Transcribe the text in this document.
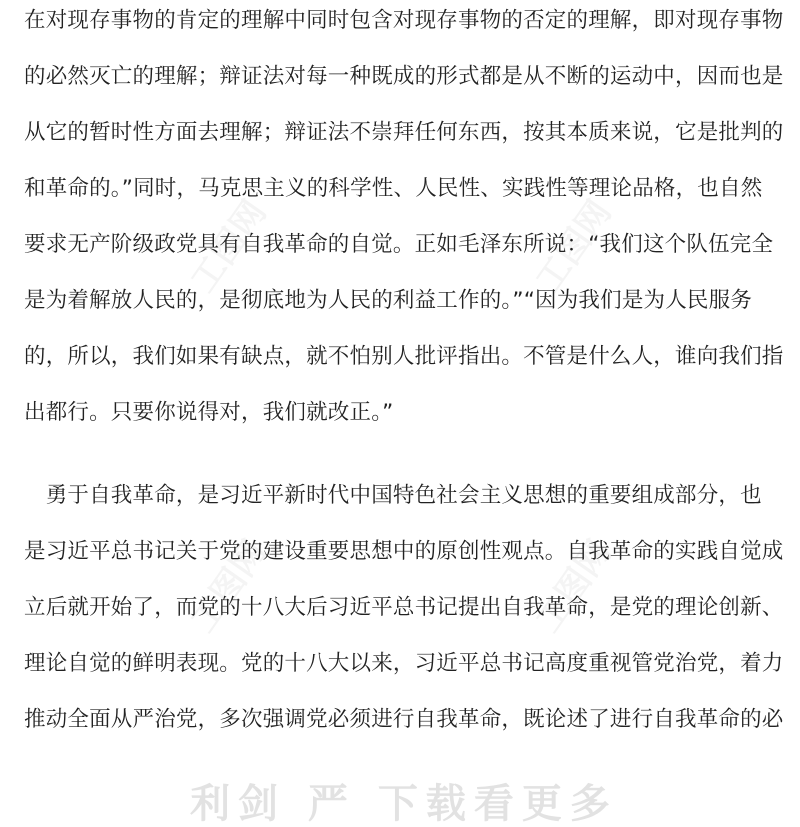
工图网	工图网
工图网	工图网
在对现存事物的肯定的理解中同时包含对现存事物的否定的理解，即对现存事物
的必然灭亡的理解；辩证法对每一种既成的形式都是从不断的运动中，因而也是
从它的暂时性方面去理解；辩证法不崇拜任何东西，按其本质来说，它是批判的
和革命的。”同时，马克思主义的科学性、人民性、实践性等理论品格，也自然
要求无产阶级政党具有自我革命的自觉。正如毛泽东所说：“我们这个队伍完全
是为着解放人民的，是彻底地为人民的利益工作的。”“因为我们是为人民服务
的，所以，我们如果有缺点，就不怕别人批评指出。不管是什么人，谁向我们指
出都行。只要你说得对，我们就改正。”
　勇于自我革命，是习近平新时代中国特色社会主义思想的重要组成部分，也
是习近平总书记关于党的建设重要思想中的原创性观点。自我革命的实践自觉成
立后就开始了，而党的十八大后习近平总书记提出自我革命，是党的理论创新、
理论自觉的鲜明表现。党的十八大以来，习近平总书记高度重视管党治党，着力
推动全面从严治党，多次强调党必须进行自我革命，既论述了进行自我革命的必
利剑 严 下载看更多
